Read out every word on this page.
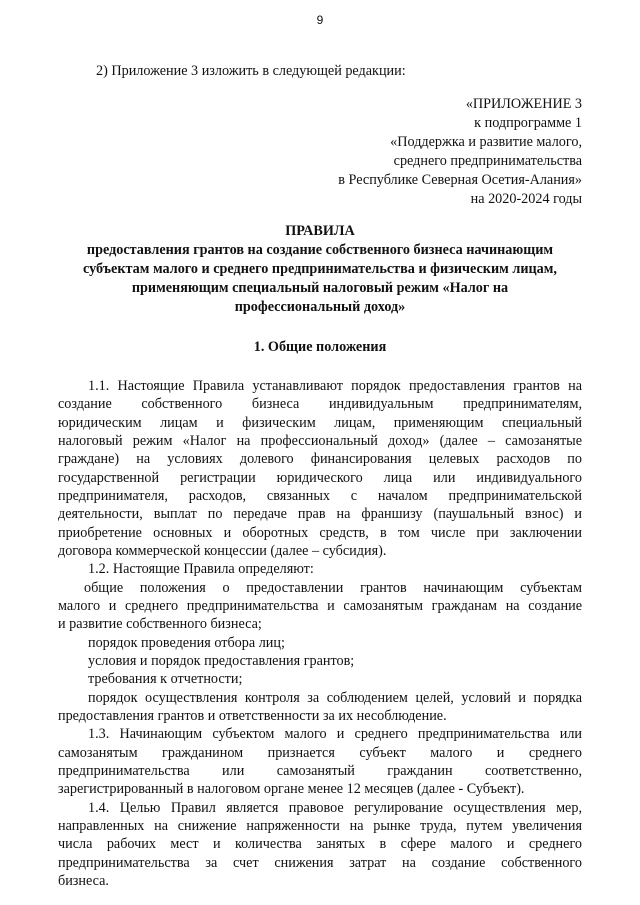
9
2) Приложение 3 изложить в следующей редакции:
«ПРИЛОЖЕНИЕ 3
к подпрограмме 1
«Поддержка и развитие малого,
среднего предпринимательства
в Республике Северная Осетия-Алания»
на 2020-2024 годы
ПРАВИЛА
предоставления грантов на создание собственного бизнеса начинающим
субъектам малого и среднего предпринимательства и физическим лицам,
применяющим специальный налоговый режим «Налог на
профессиональный доход»
1. Общие положения
1.1. Настоящие Правила устанавливают порядок предоставления грантов на
создание собственного бизнеса индивидуальным предпринимателям,
юридическим лицам и физическим лицам, применяющим специальный
налоговый режим «Налог на профессиональный доход» (далее – самозанятые
граждане) на условиях долевого финансирования целевых расходов по
государственной регистрации юридического лица или индивидуального
предпринимателя, расходов, связанных с началом предпринимательской
деятельности, выплат по передаче прав на франшизу (паушальный взнос) и
приобретение основных и оборотных средств, в том числе при заключении
договора коммерческой концессии (далее – субсидия).
1.2. Настоящие Правила определяют:
общие положения о предоставлении грантов начинающим субъектам
малого и среднего предпринимательства и самозанятым гражданам на создание
и развитие собственного бизнеса;
порядок проведения отбора лиц;
условия и порядок предоставления грантов;
требования к отчетности;
порядок осуществления контроля за соблюдением целей, условий и порядка
предоставления грантов и ответственности за их несоблюдение.
1.3. Начинающим субъектом малого и среднего предпринимательства или
самозанятым гражданином признается субъект малого и среднего
предпринимательства или самозанятый гражданин соответственно,
зарегистрированный в налоговом органе менее 12 месяцев (далее - Субъект).
1.4. Целью Правил является правовое регулирование осуществления мер,
направленных на снижение напряженности на рынке труда, путем увеличения
числа рабочих мест и количества занятых в сфере малого и среднего
предпринимательства за счет снижения затрат на создание собственного
бизнеса.
